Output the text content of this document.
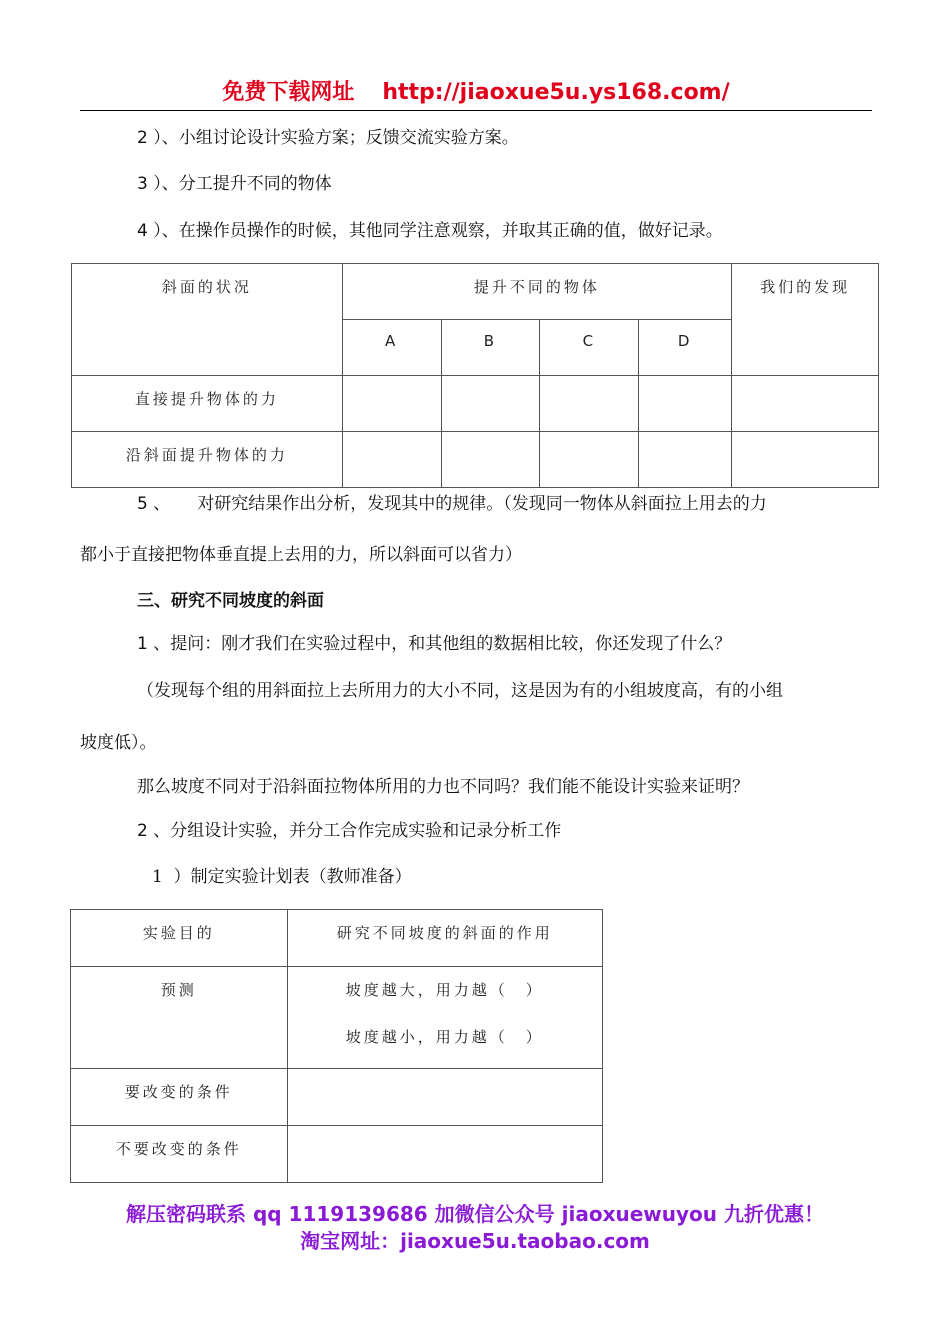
免费下载网址 http://jiaoxue5u.ys168.com/
2 ）、小组讨论设计实验方案；反馈交流实验方案。
3 ）、分工提升不同的物体
4 ）、在操作员操作的时候，其他同学注意观察，并取其正确的值，做好记录。
斜面的状况	提升不同的物体				我们的发现

	A	B	C	D	

直接提升物体的力					

沿斜面提升物体的力					

5 、 对研究结果作出分析，发现其中的规律。（发现同一物体从斜面拉上用去的力
都小于直接把物体垂直提上去用的力，所以斜面可以省力）
三、研究不同坡度的斜面
1 、提问：刚才我们在实验过程中，和其他组的数据相比较，你还发现了什么？
（发现每个组的用斜面拉上去所用力的大小不同，这是因为有的小组坡度高，有的小组
坡度低）。
那么坡度不同对于沿斜面拉物体所用的力也不同吗？我们能不能设计实验来证明？
2 、分组设计实验，并分工合作完成实验和记录分析工作
1 ）制定实验计划表（教师准备）
实验目的	研究不同坡度的斜面的作用

预测	坡度越大，用力越（　）
坡度越小，用力越（　）

要改变的条件	

不要改变的条件	

解压密码联系 qq 1119139686 加微信公众号 jiaoxuewuyou 九折优惠！
淘宝网址：jiaoxue5u.taobao.com
